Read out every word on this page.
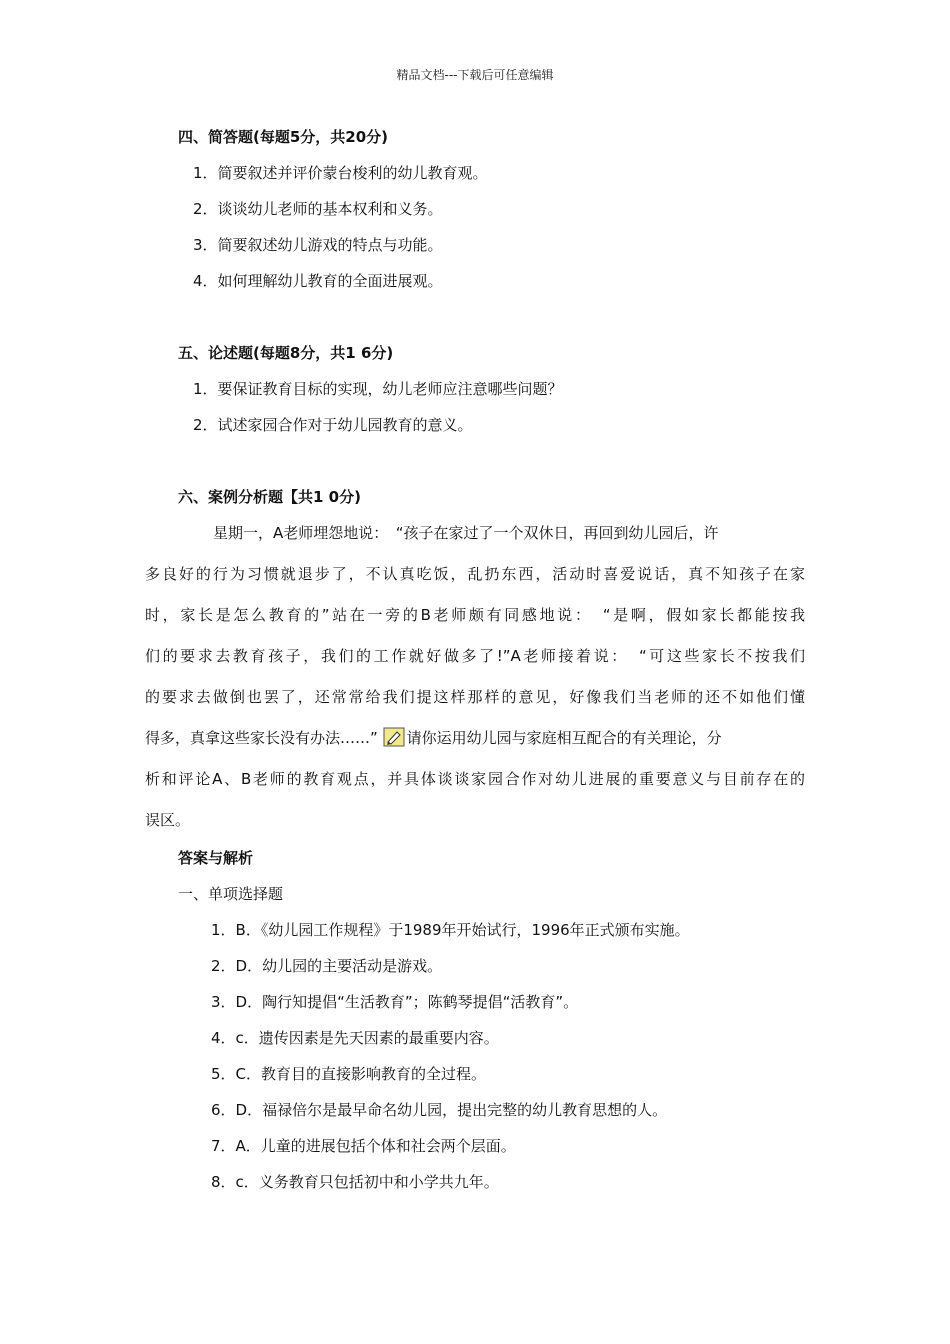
精品文档---下载后可任意编辑
四、简答题(每题5分，共20分)
1．简要叙述并评价蒙台梭利的幼儿教育观。
2．谈谈幼儿老师的基本权利和义务。
3．简要叙述幼儿游戏的特点与功能。
4．如何理解幼儿教育的全面进展观。
五、论述题(每题8分，共1 6分)
1．要保证教育目标的实现，幼儿老师应注意哪些问题？
2．试述家园合作对于幼儿园教育的意义。
六、案例分析题【共1 0分)
星期一，A老师埋怨地说：　“孩子在家过了一个双休日，再回到幼儿园后，许
多良好的行为习惯就退步了，不认真吃饭，乱扔东西，活动时喜爱说话，真不知孩子在家
时，家长是怎么教育的”站在一旁的B老师颇有同感地说：　“是啊，假如家长都能按我
们的要求去教育孩子，我们的工作就好做多了!”A老师接着说：　“可这些家长不按我们
的要求去做倒也罢了，还常常给我们提这样那样的意见，好像我们当老师的还不如他们懂
得多，真拿这些家长没有办法……” 请你运用幼儿园与家庭相互配合的有关理论，分
析和评论A、B老师的教育观点，并具体谈谈家园合作对幼儿进展的重要意义与目前存在的
误区。
答案与解析
一、单项选择题
1．B．《幼儿园工作规程》于1989年开始试行，1996年正式颁布实施。
2．D．幼儿园的主要活动是游戏。
3．D．陶行知提倡“生活教育”；陈鹤琴提倡“活教育”。
4．c．遗传因素是先天因素的最重要内容。
5．C．教育目的直接影响教育的全过程。
6．D．福禄倍尔是最早命名幼儿园，提出完整的幼儿教育思想的人。
7．A．儿童的进展包括个体和社会两个层面。
8．c．义务教育只包括初中和小学共九年。
